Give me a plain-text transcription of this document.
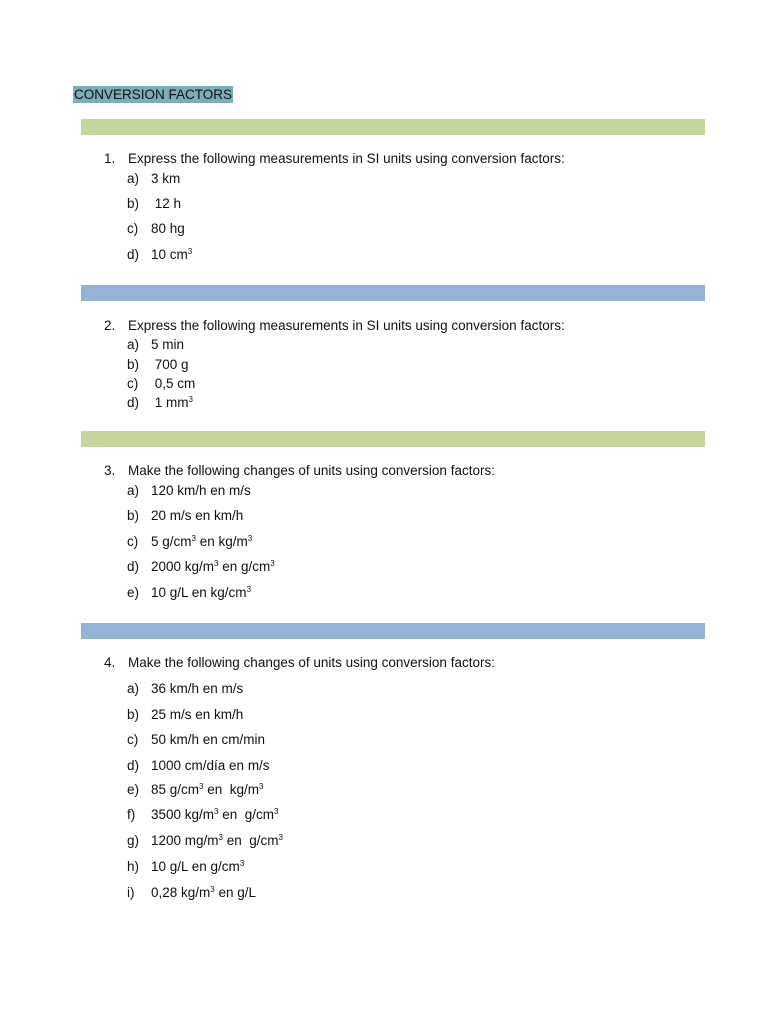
CONVERSION FACTORS
1. Express the following measurements in SI units using conversion factors:
a) 3 km
b) 12 h
c) 80 hg
d) 10 $cm^3$
2. Express the following measurements in SI units using conversion factors:
a) 5 min
b) 700 g
c) 0,5 cm
d) 1 $mm^3$
3. Make the following changes of units using conversion factors:
a) 120 km/h en m/s
b) 20 m/s en km/h
c) 5 $g/cm^3$ en $kg/m^3$
d) 2000 $kg/m^3$ en $g/cm^3$
e) 10 g/L en $kg/cm^3$
4. Make the following changes of units using conversion factors:
a) 36 km/h en m/s
b) 25 m/s en km/h
c) 50 km/h en cm/min
d) 1000 cm/día en m/s
e) 85 $g/cm^3$ en  $kg/m^3$
f) 3500 $kg/m^3$ en  $g/cm^3$
g) 1200 $mg/m^3$ en  $g/cm^3$
h) 10 g/L en $g/cm^3$
i) 0,28 $kg/m^3$ en g/L
